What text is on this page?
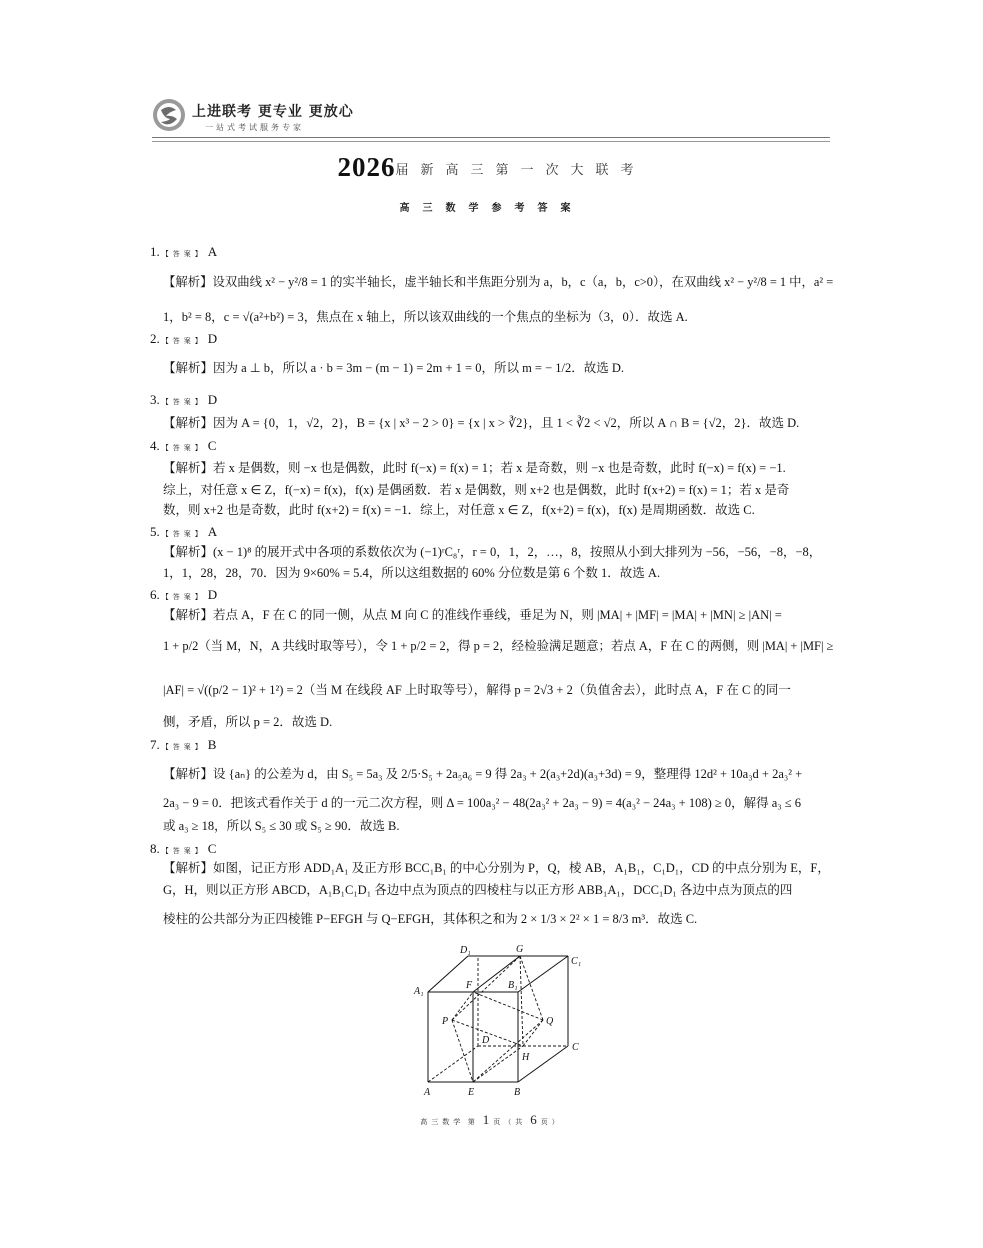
上进联考 更专业 更放心
一站式考试服务专家
2026届新高三第一次大联考
高三数学参考答案
1. 【答案】 A
【解析】设双曲线 x² − y²/8 = 1 的实半轴长，虚半轴长和半焦距分别为 a，b，c（a，b，c>0），在双曲线 x² − y²/8 = 1 中，a² =
1，b² = 8，c = √(a²+b²) = 3，焦点在 x 轴上，所以该双曲线的一个焦点的坐标为（3，0）．故选 A.
2. 【答案】 D
【解析】因为 a ⊥ b，所以 a · b = 3m − (m − 1) = 2m + 1 = 0，所以 m = − 1/2．故选 D.
3. 【答案】 D
【解析】因为 A = {0，1，√2，2}，B = {x | x³ − 2 > 0} = {x | x > ∛2}，且 1 < ∛2 < √2，所以 A ∩ B = {√2，2}．故选 D.
4. 【答案】 C
【解析】若 x 是偶数，则 −x 也是偶数，此时 f(−x) = f(x) = 1；若 x 是奇数，则 −x 也是奇数，此时 f(−x) = f(x) = −1.
综上，对任意 x ∈ Z，f(−x) = f(x)，f(x) 是偶函数．若 x 是偶数，则 x+2 也是偶数，此时 f(x+2) = f(x) = 1；若 x 是奇
数，则 x+2 也是奇数，此时 f(x+2) = f(x) = −1．综上，对任意 x ∈ Z，f(x+2) = f(x)，f(x) 是周期函数．故选 C.
5. 【答案】 A
【解析】(x − 1)⁸ 的展开式中各项的系数依次为 (−1)ʳC₈ʳ，r = 0，1，2，…，8，按照从小到大排列为 −56，−56，−8，−8，
1，1，28，28，70．因为 9×60% = 5.4，所以这组数据的 60% 分位数是第 6 个数 1．故选 A.
6. 【答案】 D
【解析】若点 A，F 在 C 的同一侧，从点 M 向 C 的准线作垂线，垂足为 N，则 |MA| + |MF| = |MA| + |MN| ≥ |AN| =
1 + p/2（当 M，N，A 共线时取等号），令 1 + p/2 = 2，得 p = 2，经检验满足题意；若点 A，F 在 C 的两侧，则 |MA| + |MF| ≥
|AF| = √((p/2 − 1)² + 1²) = 2（当 M 在线段 AF 上时取等号），解得 p = 2√3 + 2（负值舍去），此时点 A，F 在 C 的同一
侧，矛盾，所以 p = 2．故选 D.
7. 【答案】 B
【解析】设 {aₙ} 的公差为 d，由 S₅ = 5a₃ 及 2/5·S₅ + 2a₅a₆ = 9 得 2a₃ + 2(a₃+2d)(a₃+3d) = 9，整理得 12d² + 10a₃d + 2a₃² +
2a₃ − 9 = 0．把该式看作关于 d 的一元二次方程，则 Δ = 100a₃² − 48(2a₃² + 2a₃ − 9) = 4(a₃² − 24a₃ + 108) ≥ 0，解得 a₃ ≤ 6
或 a₃ ≥ 18，所以 S₅ ≤ 30 或 S₅ ≥ 90．故选 B.
8. 【答案】 C
【解析】如图，记正方形 ADD₁A₁ 及正方形 BCC₁B₁ 的中心分别为 P，Q，棱 AB，A₁B₁，C₁D₁，CD 的中点分别为 E，F，
G，H，则以正方形 ABCD，A₁B₁C₁D₁ 各边中点为顶点的四棱柱与以正方形 ABB₁A₁，DCC₁D₁ 各边中点为顶点的四
棱柱的公共部分为正四棱锥 P−EFGH 与 Q−EFGH，其体积之和为 2 × 1/3 × 2² × 1 = 8/3 m³．故选 C.
D₁	G
C₁
A₁
F	B₁
P	Q
D
H
C
A	E	B
高三数学 第 1 页（共 6 页）
